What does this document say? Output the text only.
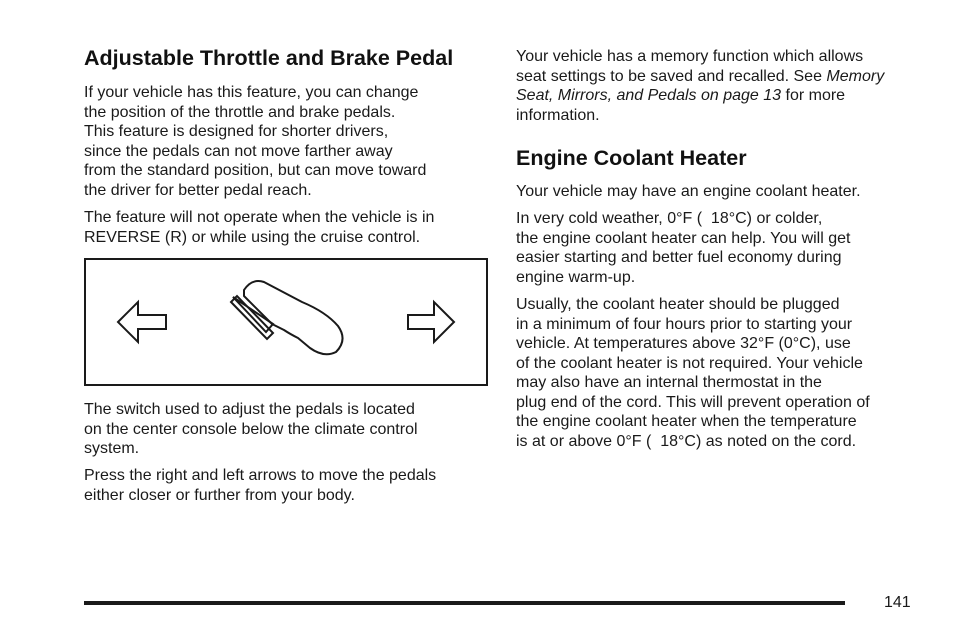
Adjustable Throttle and Brake Pedal

If your vehicle has this feature, you can change

the position of the throttle and brake pedals.

This feature is designed for shorter drivers,

since the pedals can not move farther away

from the standard position, but can move toward

the driver for better pedal reach.

The feature will not operate when the vehicle is in

REVERSE (R) or while using the cruise control.

The switch used to adjust the pedals is located

on the center console below the climate control

system.

Press the right and left arrows to move the pedals

either closer or further from your body.

Your vehicle has a memory function which allows

seat settings to be saved and recalled. See Memory

Seat, Mirrors, and Pedals on page 13 for more

information.

Engine Coolant Heater

Your vehicle may have an engine coolant heater.

In very cold weather, 0°F (  18°C) or colder,

the engine coolant heater can help. You will get

easier starting and better fuel economy during

engine warm-up.

Usually, the coolant heater should be plugged

in a minimum of four hours prior to starting your

vehicle. At temperatures above 32°F (0°C), use

of the coolant heater is not required. Your vehicle

may also have an internal thermostat in the

plug end of the cord. This will prevent operation of

the engine coolant heater when the temperature

is at or above 0°F (  18°C) as noted on the cord.

141
